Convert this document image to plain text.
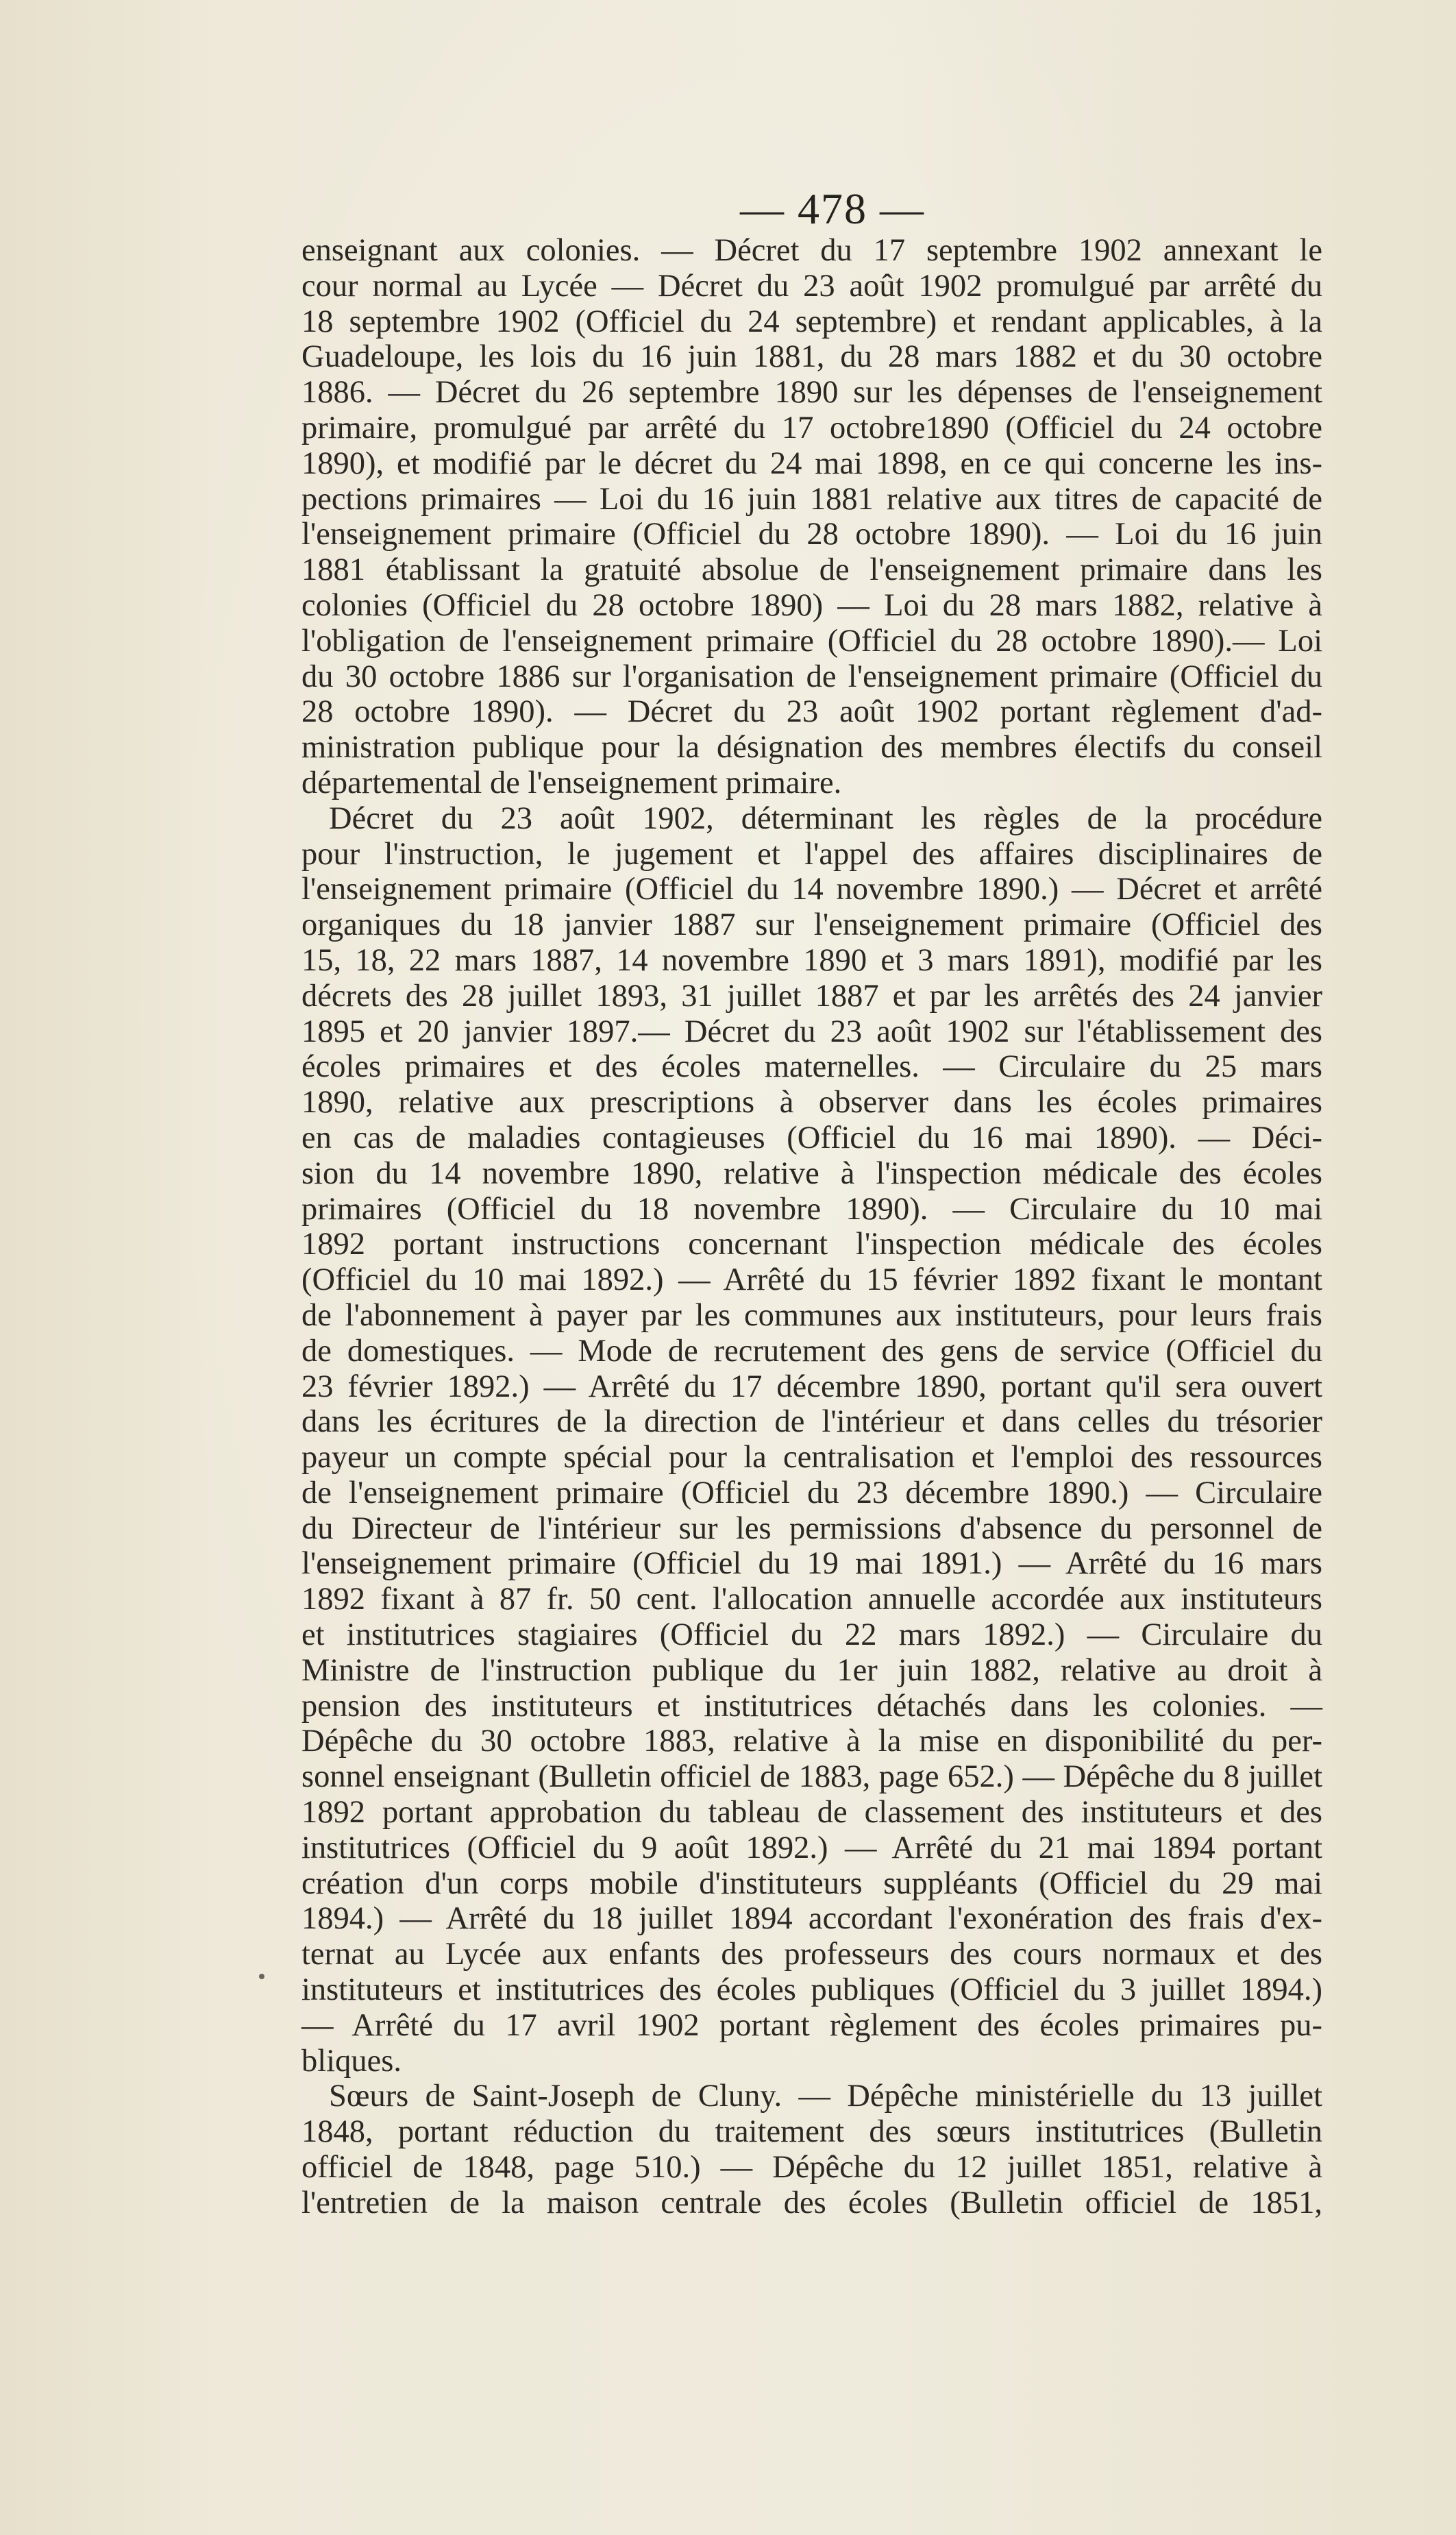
— 478 —
enseignant aux colonies. — Décret du 17 septembre 1902 annexant le
cour normal au Lycée — Décret du 23 août 1902 promulgué par arrêté du
18 septembre 1902 (Officiel du 24 septembre) et rendant applicables, à la
Guadeloupe, les lois du 16 juin 1881, du 28 mars 1882 et du 30 octobre
1886. — Décret du 26 septembre 1890 sur les dépenses de l'enseignement
primaire, promulgué par arrêté du 17 octobre1890 (Officiel du 24 octobre
1890), et modifié par le décret du 24 mai 1898, en ce qui concerne les ins-
pections primaires — Loi du 16 juin 1881 relative aux titres de capacité de
l'enseignement primaire (Officiel du 28 octobre 1890). — Loi du 16 juin
1881 établissant la gratuité absolue de l'enseignement primaire dans les
colonies (Officiel du 28 octobre 1890) — Loi du 28 mars 1882, relative à
l'obligation de l'enseignement primaire (Officiel du 28 octobre 1890).— Loi
du 30 octobre 1886 sur l'organisation de l'enseignement primaire (Officiel du
28 octobre 1890). — Décret du 23 août 1902 portant règlement d'ad-
ministration publique pour la désignation des membres électifs du conseil
départemental de l'enseignement primaire.
Décret du 23 août 1902, déterminant les règles de la procédure
pour l'instruction, le jugement et l'appel des affaires disciplinaires de
l'enseignement primaire (Officiel du 14 novembre 1890.) — Décret et arrêté
organiques du 18 janvier 1887 sur l'enseignement primaire (Officiel des
15, 18, 22 mars 1887, 14 novembre 1890 et 3 mars 1891), modifié par les
décrets des 28 juillet 1893, 31 juillet 1887 et par les arrêtés des 24 janvier
1895 et 20 janvier 1897.— Décret du 23 août 1902 sur l'établissement des
écoles primaires et des écoles maternelles. — Circulaire du 25 mars
1890, relative aux prescriptions à observer dans les écoles primaires
en cas de maladies contagieuses (Officiel du 16 mai 1890). — Déci-
sion du 14 novembre 1890, relative à l'inspection médicale des écoles
primaires (Officiel du 18 novembre 1890). — Circulaire du 10 mai
1892 portant instructions concernant l'inspection médicale des écoles
(Officiel du 10 mai 1892.) — Arrêté du 15 février 1892 fixant le montant
de l'abonnement à payer par les communes aux instituteurs, pour leurs frais
de domestiques. — Mode de recrutement des gens de service (Officiel du
23 février 1892.) — Arrêté du 17 décembre 1890, portant qu'il sera ouvert
dans les écritures de la direction de l'intérieur et dans celles du trésorier
payeur un compte spécial pour la centralisation et l'emploi des ressources
de l'enseignement primaire (Officiel du 23 décembre 1890.) — Circulaire
du Directeur de l'intérieur sur les permissions d'absence du personnel de
l'enseignement primaire (Officiel du 19 mai 1891.) — Arrêté du 16 mars
1892 fixant à 87 fr. 50 cent. l'allocation annuelle accordée aux instituteurs
et institutrices stagiaires (Officiel du 22 mars 1892.) — Circulaire du
Ministre de l'instruction publique du 1er juin 1882, relative au droit à
pension des instituteurs et institutrices détachés dans les colonies. —
Dépêche du 30 octobre 1883, relative à la mise en disponibilité du per-
sonnel enseignant (Bulletin officiel de 1883, page 652.) — Dépêche du 8 juillet
1892 portant approbation du tableau de classement des instituteurs et des
institutrices (Officiel du 9 août 1892.) — Arrêté du 21 mai 1894 portant
création d'un corps mobile d'instituteurs suppléants (Officiel du 29 mai
1894.) — Arrêté du 18 juillet 1894 accordant l'exonération des frais d'ex-
ternat au Lycée aux enfants des professeurs des cours normaux et des
instituteurs et institutrices des écoles publiques (Officiel du 3 juillet 1894.)
— Arrêté du 17 avril 1902 portant règlement des écoles primaires pu-
bliques.
Sœurs de Saint-Joseph de Cluny. — Dépêche ministérielle du 13 juillet
1848, portant réduction du traitement des sœurs institutrices (Bulletin
officiel de 1848, page 510.) — Dépêche du 12 juillet 1851, relative à
l'entretien de la maison centrale des écoles (Bulletin officiel de 1851,
